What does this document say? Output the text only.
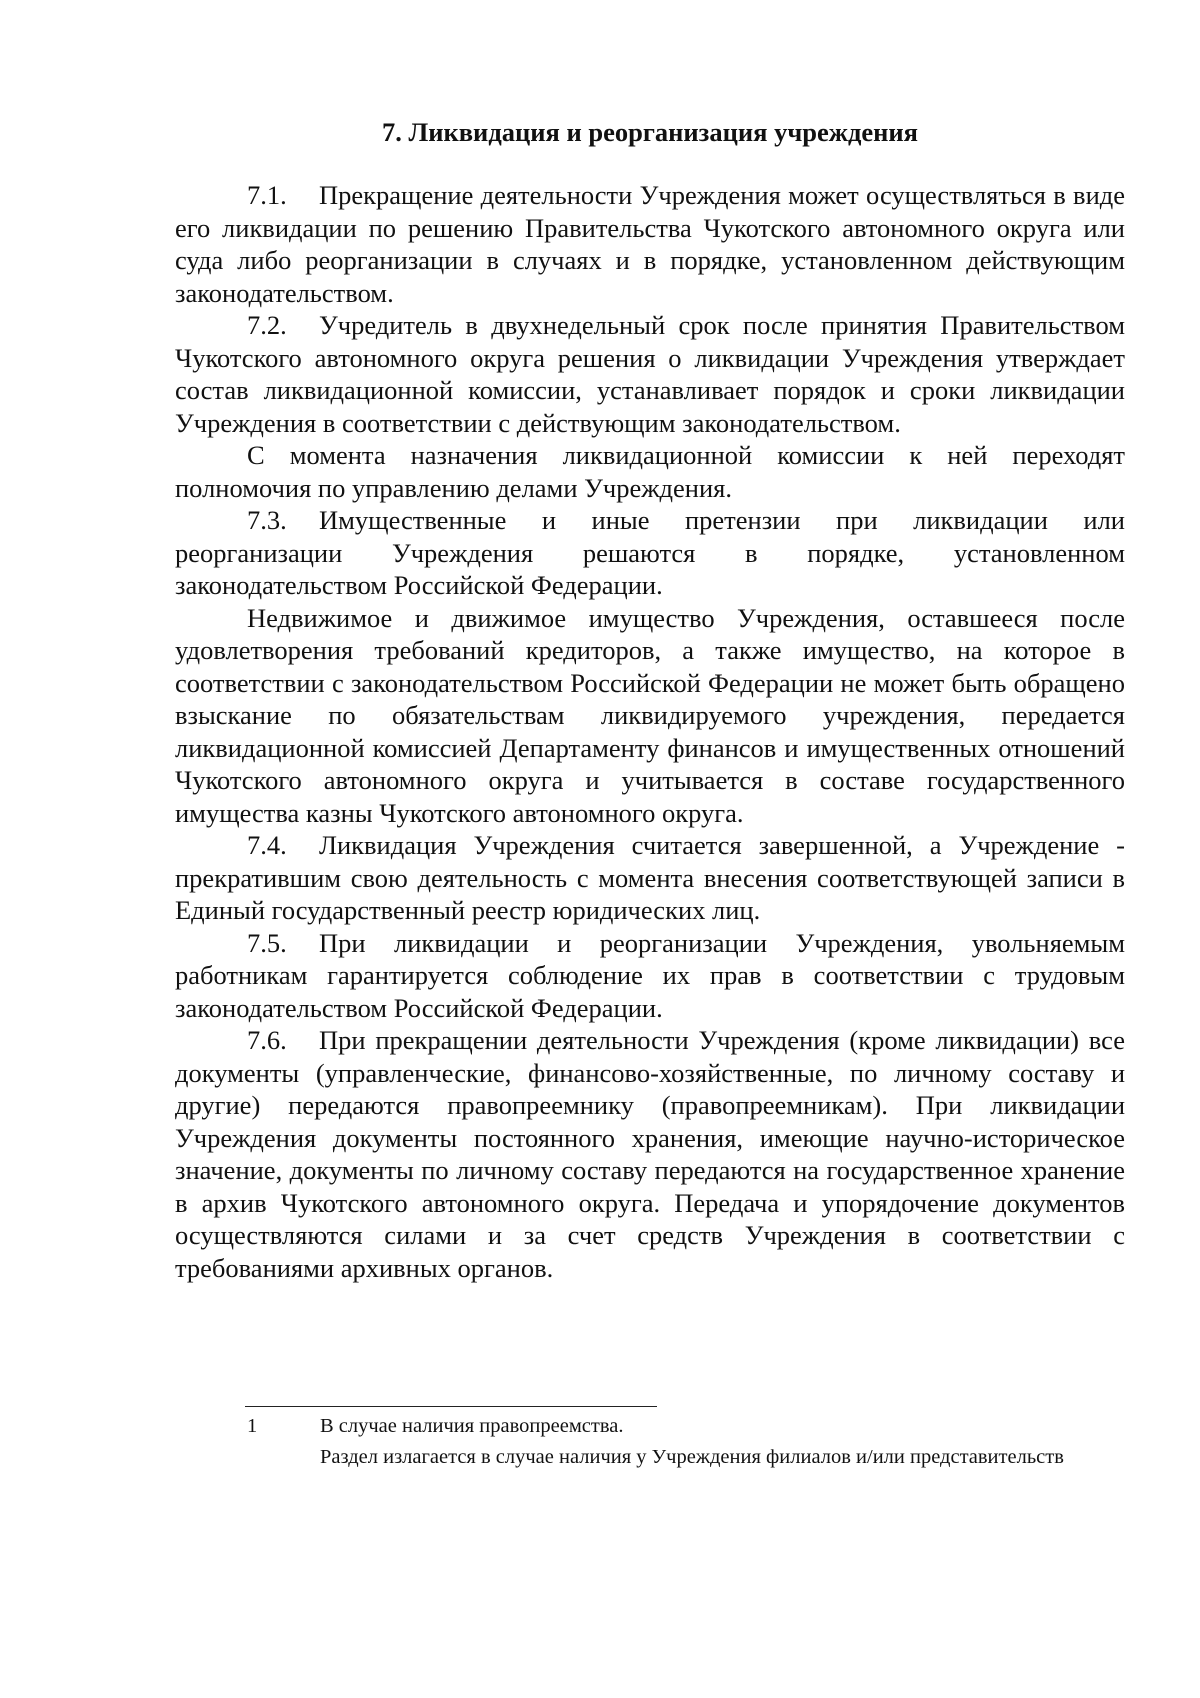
7. Ликвидация и реорганизация учреждения

7.1. Прекращение деятельности Учреждения может осуществляться в виде его ликвидации по решению Правительства Чукотского автономного округа или суда либо реорганизации в случаях и в порядке, установленном действующим законодательством.

7.2. Учредитель в двухнедельный срок после принятия Правительством Чукотского автономного округа решения о ликвидации Учреждения утверждает состав ликвидационной комиссии, устанавливает порядок и сроки ликвидации Учреждения в соответствии с действующим законодательством.

С момента назначения ликвидационной комиссии к ней переходят полномочия по управлению делами Учреждения.

7.3. Имущественные и иные претензии при ликвидации или реорганизации Учреждения решаются в порядке, установленном законодательством Российской Федерации.

Недвижимое и движимое имущество Учреждения, оставшееся после удовлетворения требований кредиторов, а также имущество, на которое в соответствии с законодательством Российской Федерации не может быть обращено взыскание по обязательствам ликвидируемого учреждения, передается ликвидационной комиссией Департаменту финансов и имущественных отношений Чукотского автономного округа и учитывается в составе государственного имущества казны Чукотского автономного округа.

7.4. Ликвидация Учреждения считается завершенной, а Учреждение - прекратившим свою деятельность с момента внесения соответствующей записи в Единый государственный реестр юридических лиц.

7.5. При ликвидации и реорганизации Учреждения, увольняемым работникам гарантируется соблюдение их прав в соответствии с трудовым законодательством Российской Федерации.

7.6. При прекращении деятельности Учреждения (кроме ликвидации) все документы (управленческие, финансово-хозяйственные, по личному составу и другие) передаются правопреемнику (правопреемникам). При ликвидации Учреждения документы постоянного хранения, имеющие научно-историческое значение, документы по личному составу передаются на государственное хранение в архив Чукотского автономного округа. Передача и упорядочение документов осуществляются силами и за счет средств Учреждения в соответствии с требованиями архивных органов.

1	В случае наличия правопреемства.

Раздел излагается в случае наличия у Учреждения филиалов и/или представительств
